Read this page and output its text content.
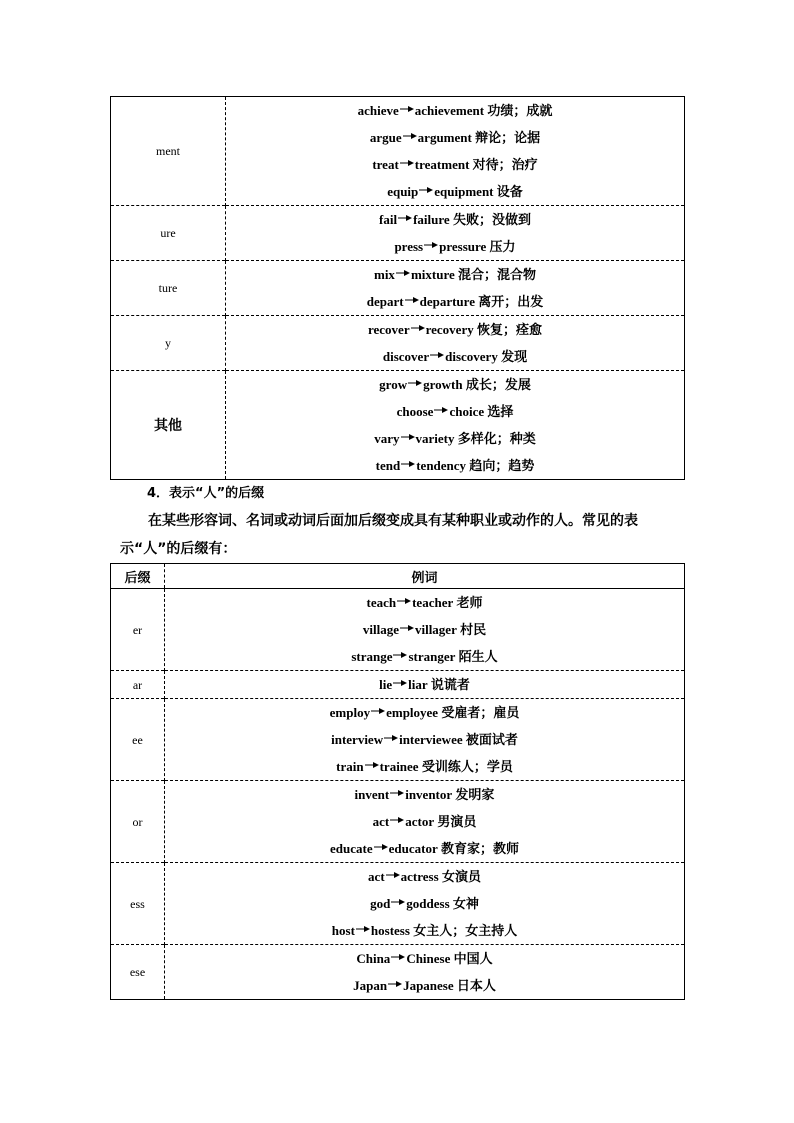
ment	achieve achievement 功绩；成就
argue argument 辩论；论据
treat treatment 对待；治疗
equip equipment 设备

ure	fail failure 失败；没做到
press pressure 压力

ture	mix mixture 混合；混合物
depart departure 离开；出发

y	recover recovery 恢复；痊愈
discover discovery 发现

其他	grow growth 成长；发展
choose choice 选择
vary variety 多样化；种类
tend tendency 趋向；趋势
4．表示“人”的后缀
在某些形容词、名词或动词后面加后缀变成具有某种职业或动作的人。常见的表示“人”的后缀有：
后缀	例词
er	teach teacher 老师
village villager 村民
strange stranger 陌生人

ar	lie liar 说谎者

ee	employ employee 受雇者；雇员
interview interviewee 被面试者
train trainee 受训练人；学员

or	invent inventor 发明家
act actor 男演员
educate educator 教育家；教师

ess	act actress 女演员
god goddess 女神
host hostess 女主人；女主持人

ese	China Chinese 中国人
Japan Japanese 日本人
